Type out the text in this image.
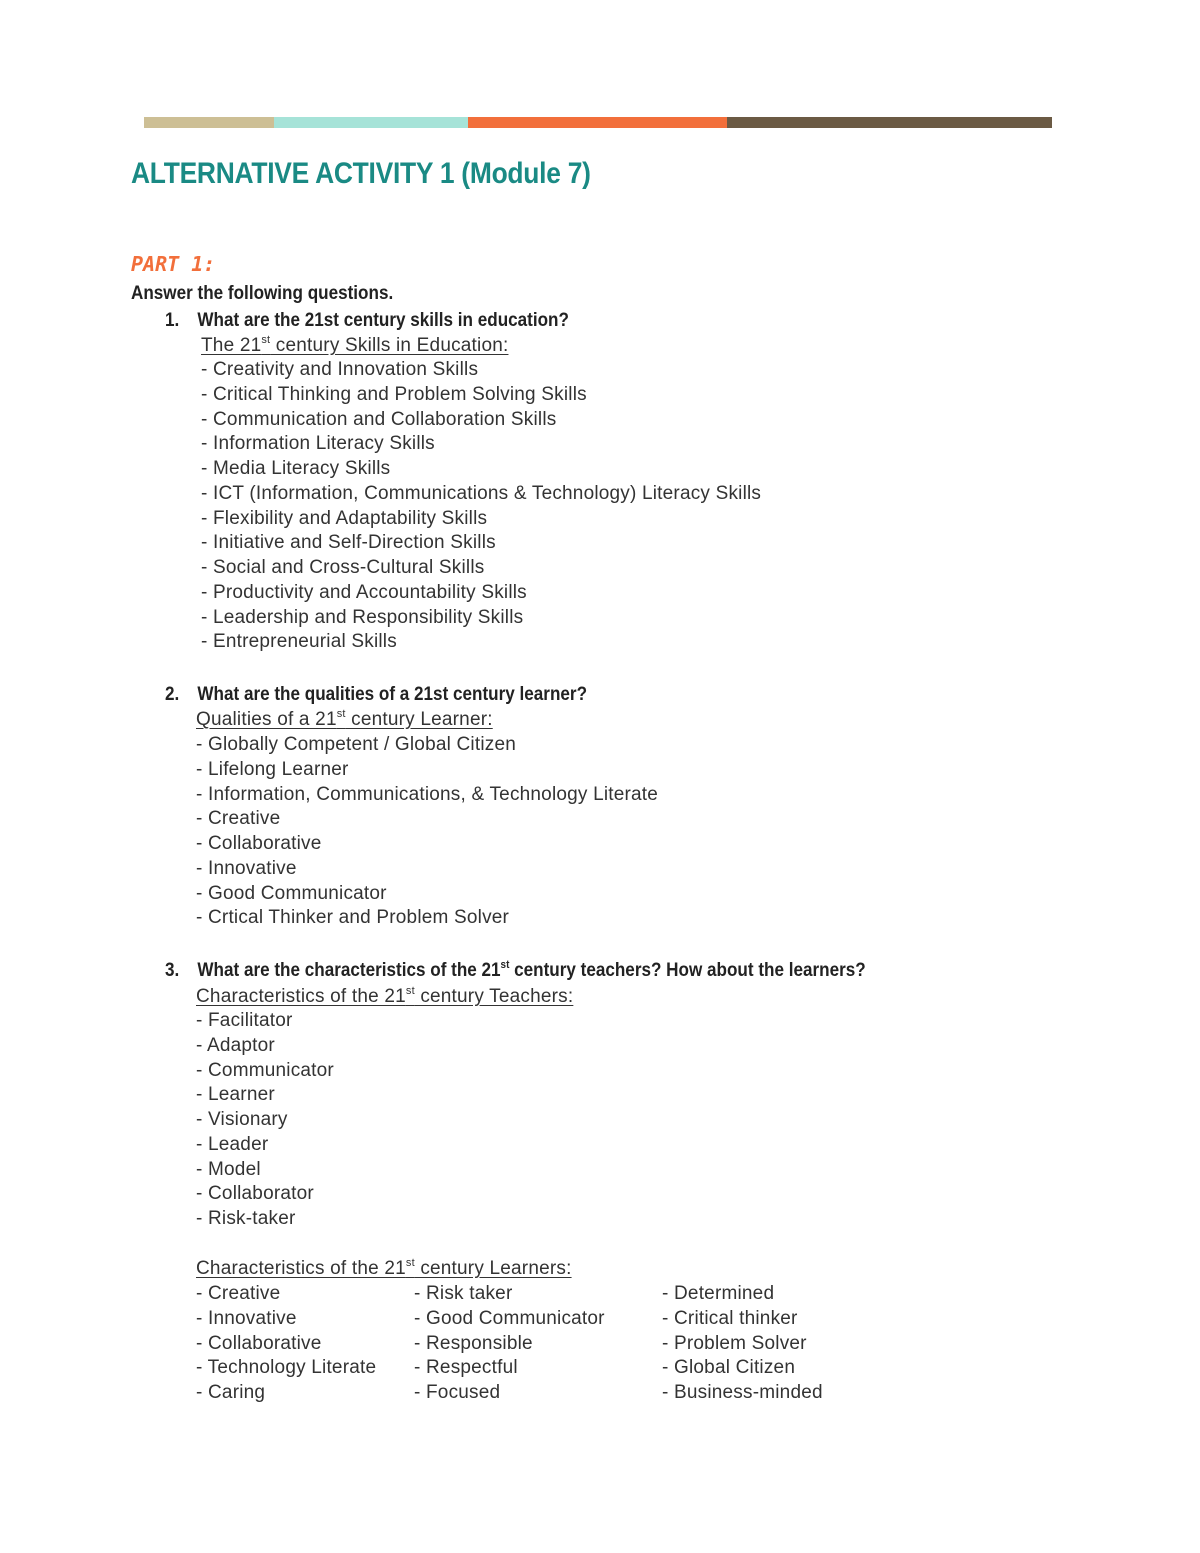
ALTERNATIVE ACTIVITY 1 (Module 7)
PART 1:
Answer the following questions.
1. What are the 21st century skills in education?
The 21st century Skills in Education:
- Creativity and Innovation Skills
- Critical Thinking and Problem Solving Skills
- Communication and Collaboration Skills
- Information Literacy Skills
- Media Literacy Skills
- ICT (Information, Communications & Technology) Literacy Skills
- Flexibility and Adaptability Skills
- Initiative and Self-Direction Skills
- Social and Cross-Cultural Skills
- Productivity and Accountability Skills
- Leadership and Responsibility Skills
- Entrepreneurial Skills
2. What are the qualities of a 21st century learner?
Qualities of a 21st century Learner:
- Globally Competent / Global Citizen
- Lifelong Learner
- Information, Communications, & Technology Literate
- Creative
- Collaborative
- Innovative
- Good Communicator
- Crtical Thinker and Problem Solver
3. What are the characteristics of the 21st century teachers? How about the learners?
Characteristics of the 21st century Teachers:
- Facilitator
- Adaptor
- Communicator
- Learner
- Visionary
- Leader
- Model
- Collaborator
- Risk-taker
Characteristics of the 21st century Learners:
- Creative
- Innovative
- Collaborative
- Technology Literate
- Caring
- Risk taker
- Good Communicator
- Responsible
- Respectful
- Focused
- Determined
- Critical thinker
- Problem Solver
- Global Citizen
- Business-minded
